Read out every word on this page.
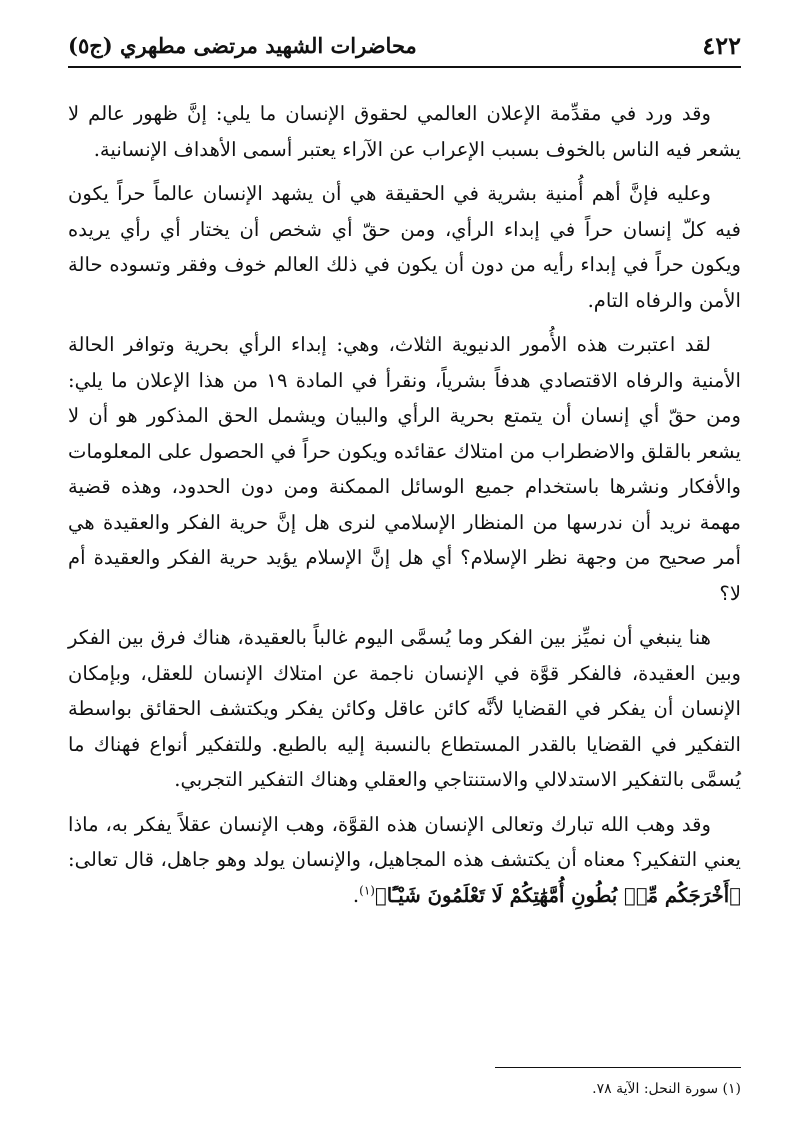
٤٢٢
محاضرات الشهيد مرتضى مطهري (ج٥)

وقد ورد في مقدِّمة الإعلان العالمي لحقوق الإنسان ما يلي: إنَّ ظهور عالم لا يشعر فيه الناس بالخوف بسبب الإعراب عن الآراء يعتبر أسمى الأهداف الإنسانية.

وعليه فإنَّ أهم أُمنية بشرية في الحقيقة هي أن يشهد الإنسان عالماً حراً يكون فيه كلّ إنسان حراً في إبداء الرأي، ومن حقّ أي شخص أن يختار أي رأي يريده ويكون حراً في إبداء رأيه من دون أن يكون في ذلك العالم خوف وفقر وتسوده حالة الأمن والرفاه التام.

لقد اعتبرت هذه الأُمور الدنيوية الثلاث، وهي: إبداء الرأي بحرية وتوافر الحالة الأمنية والرفاه الاقتصادي هدفاً بشرياً، ونقرأ في المادة ١٩ من هذا الإعلان ما يلي: ومن حقّ أي إنسان أن يتمتع بحرية الرأي والبيان ويشمل الحق المذكور هو أن لا يشعر بالقلق والاضطراب من امتلاك عقائده ويكون حراً في الحصول على المعلومات والأفكار ونشرها باستخدام جميع الوسائل الممكنة ومن دون الحدود، وهذه قضية مهمة نريد أن ندرسها من المنظار الإسلامي لنرى هل إنَّ حرية الفكر والعقيدة هي أمر صحيح من وجهة نظر الإسلام؟ أي هل إنَّ الإسلام يؤيد حرية الفكر والعقيدة أم لا؟

هنا ينبغي أن نميِّز بين الفكر وما يُسمَّى اليوم غالباً بالعقيدة، هناك فرق بين الفكر وبين العقيدة، فالفكر قوَّة في الإنسان ناجمة عن امتلاك الإنسان للعقل، وبإمكان الإنسان أن يفكر في القضايا لأنَّه كائن عاقل وكائن يفكر ويكتشف الحقائق بواسطة التفكير في القضايا بالقدر المستطاع بالنسبة إليه بالطبع. وللتفكير أنواع فهناك ما يُسمَّى بالتفكير الاستدلالي والاستنتاجي والعقلي وهناك التفكير التجربي.

وقد وهب الله تبارك وتعالى الإنسان هذه القوَّة، وهب الإنسان عقلاً يفكر به، ماذا يعني التفكير؟ معناه أن يكتشف هذه المجاهيل، والإنسان يولد وهو جاهل، قال تعالى: ﴿أَخْرَجَكُم مِّنۢ بُطُونِ أُمَّهَٰتِكُمْ لَا تَعْلَمُونَ شَيْـًٔا﴾$^{(١)}$.

(١) سورة النحل: الآية ٧٨.
